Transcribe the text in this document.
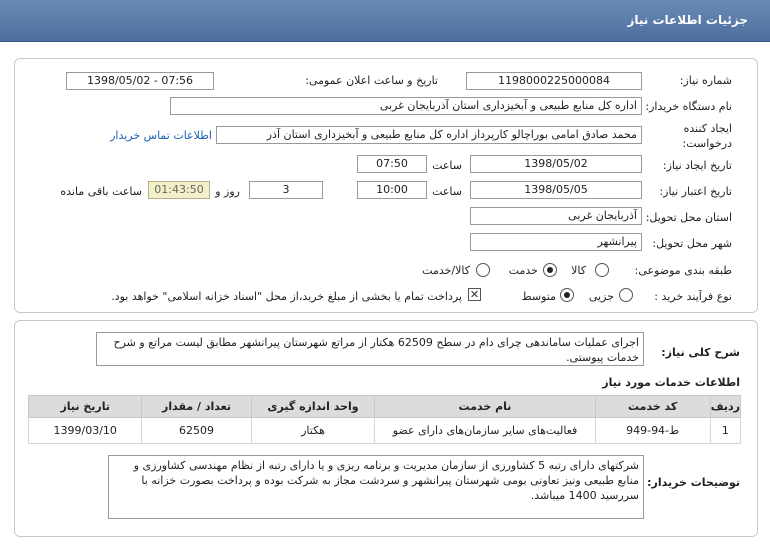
جزئیات اطلاعات نیاز
شماره نیاز:
1198000225000084
تاریخ و ساعت اعلان عمومی:
1398/05/02 - 07:56
نام دستگاه خریدار:
اداره کل منابع طبیعی و آبخیزداری استان آذربایجان غربی
ایجاد کننده
درخواست:
محمد صادق امامی بوراچالو کارپرداز اداره کل منابع طبیعی و آبخیزداری استان آذر
اطلاعات تماس خریدار
تاریخ ایجاد نیاز:
1398/05/02
ساعت
07:50
تاریخ اعتبار نیاز:
1398/05/05
ساعت
10:00
3
روز و
01:43:50
ساعت باقی مانده
استان محل تحویل:
آذربایجان غربی
شهر محل تحویل:
پیرانشهر
طبقه بندی موضوعی:
کالا
خدمت
کالا/خدمت
نوع فرآیند خرید :
جزیی
متوسط
✕
پرداخت تمام یا بخشی از مبلغ خرید،از محل "اسناد خزانه اسلامی" خواهد بود.
شرح کلی نیاز:
اجرای عملیات ساماندهی چرای دام در سطح 62509 هکتار از مراتع شهرستان پیرانشهر مطابق لیست مراتع و شرح خدمات پیوستی.
اطلاعات خدمات مورد نیاز
ردیف	کد خدمت	نام خدمت	واحد اندازه گیری	تعداد / مقدار	تاریخ نیاز
1	ط-94-949	فعالیت‌های سایر سازمان‌های دارای عضو	هکتار	62509	1399/03/10
توضیحات خریدار:
شرکتهای دارای رتبه 5 کشاورزی از سازمان مدیریت و برنامه ریزی و یا دارای رتبه از نظام مهندسی کشاورزی و منابع طبیعی ونیز تعاونی بومی شهرستان پیرانشهر و سردشت مجاز به شرکت بوده و پرداخت بصورت خزانه با سررسید 1400 میباشد.
